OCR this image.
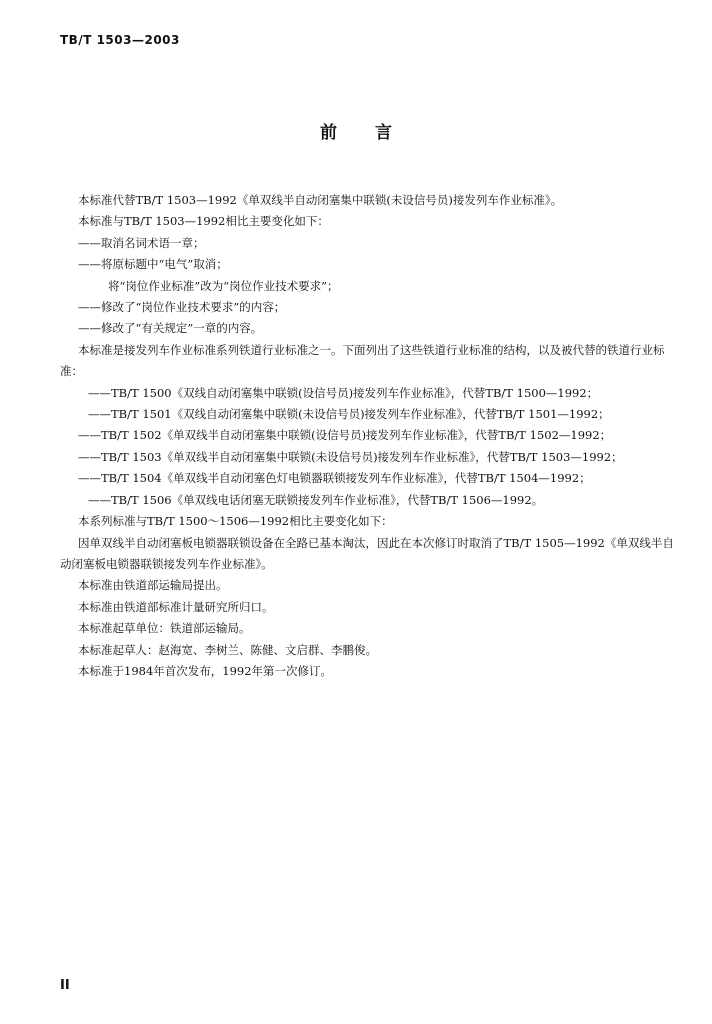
TB/T 1503—2003
前言

本标准代替TB/T 1503—1992《单双线半自动闭塞集中联锁(未设信号员)接发列车作业标准》。

本标准与TB/T 1503—1992相比主要变化如下：

——取消名词术语一章；

——将原标题中“电气”取消；

将“岗位作业标准”改为“岗位作业技术要求”；

——修改了“岗位作业技术要求”的内容；

——修改了“有关规定”一章的内容。

本标准是接发列车作业标准系列铁道行业标准之一。下面列出了这些铁道行业标准的结构，以及被代替的铁道行业标准：

——TB/T 1500《双线自动闭塞集中联锁(设信号员)接发列车作业标准》，代替TB/T 1500—1992；

——TB/T 1501《双线自动闭塞集中联锁(未设信号员)接发列车作业标准》，代替TB/T 1501—1992；

——TB/T 1502《单双线半自动闭塞集中联锁(设信号员)接发列车作业标准》，代替TB/T 1502—1992；

——TB/T 1503《单双线半自动闭塞集中联锁(未设信号员)接发列车作业标准》，代替TB/T 1503—1992；

——TB/T 1504《单双线半自动闭塞色灯电锁器联锁接发列车作业标准》，代替TB/T 1504—1992；

——TB/T 1506《单双线电话闭塞无联锁接发列车作业标准》，代替TB/T 1506—1992。

本系列标准与TB/T 1500～1506—1992相比主要变化如下：

因单双线半自动闭塞板电锁器联锁设备在全路已基本淘汰，因此在本次修订时取消了TB/T 1505—1992《单双线半自动闭塞板电锁器联锁接发列车作业标准》。

本标准由铁道部运输局提出。

本标准由铁道部标准计量研究所归口。

本标准起草单位：铁道部运输局。

本标准起草人：赵海宽、李树兰、陈健、文启群、李鹏俊。

本标准于1984年首次发布，1992年第一次修订。

II
